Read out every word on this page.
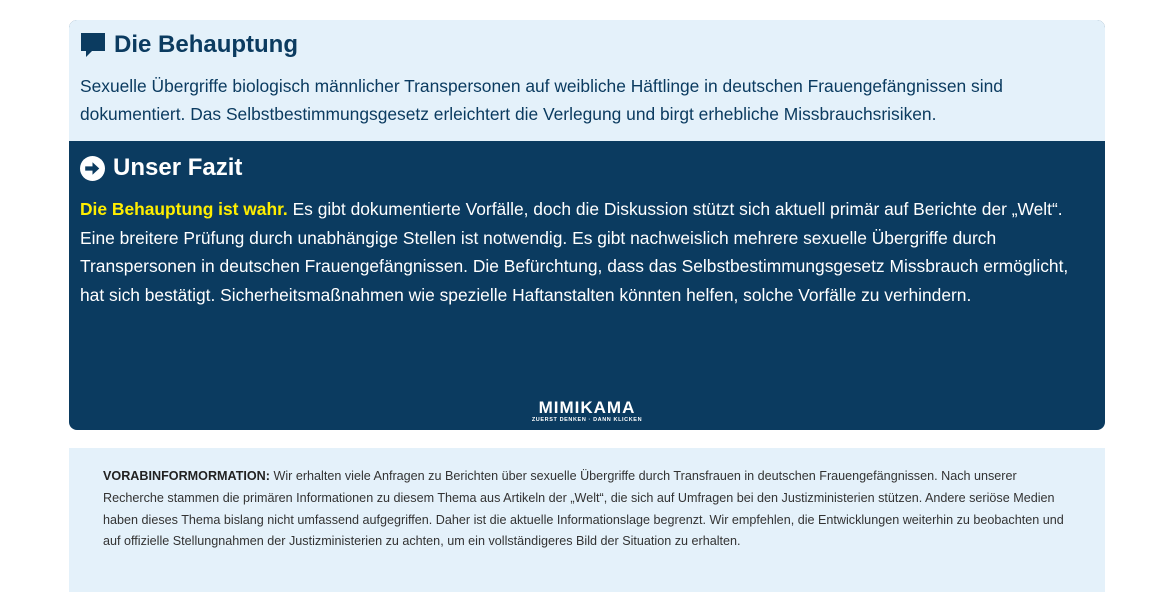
Die Behauptung

Sexuelle Übergriffe biologisch männlicher Transpersonen auf weibliche Häftlinge in deutschen Frauengefängnissen sind dokumentiert. Das Selbstbestimmungsgesetz erleichtert die Verlegung und birgt erhebliche Missbrauchsrisiken.

Unser Fazit

Die Behauptung ist wahr. Es gibt dokumentierte Vorfälle, doch die Diskussion stützt sich aktuell primär auf Berichte der „Welt“. Eine breitere Prüfung durch unabhängige Stellen ist notwendig. Es gibt nachweislich mehrere sexuelle Übergriffe durch Transpersonen in deutschen Frauengefängnissen. Die Befürchtung, dass das Selbstbestimmungsgesetz Missbrauch ermöglicht, hat sich bestätigt. Sicherheitsmaßnahmen wie spezielle Haftanstalten könnten helfen, solche Vorfälle zu verhindern.

MIMIKAMA
ZUERST DENKEN · DANN KLICKEN

VORABINFORMORMATION: Wir erhalten viele Anfragen zu Berichten über sexuelle Übergriffe durch Transfrauen in deutschen Frauengefängnissen. Nach unserer Recherche stammen die primären Informationen zu diesem Thema aus Artikeln der „Welt“, die sich auf Umfragen bei den Justizministerien stützen. Andere seriöse Medien haben dieses Thema bislang nicht umfassend aufgegriffen. Daher ist die aktuelle Informationslage begrenzt. Wir empfehlen, die Entwicklungen weiterhin zu beobachten und auf offizielle Stellungnahmen der Justizministerien zu achten, um ein vollständigeres Bild der Situation zu erhalten.
